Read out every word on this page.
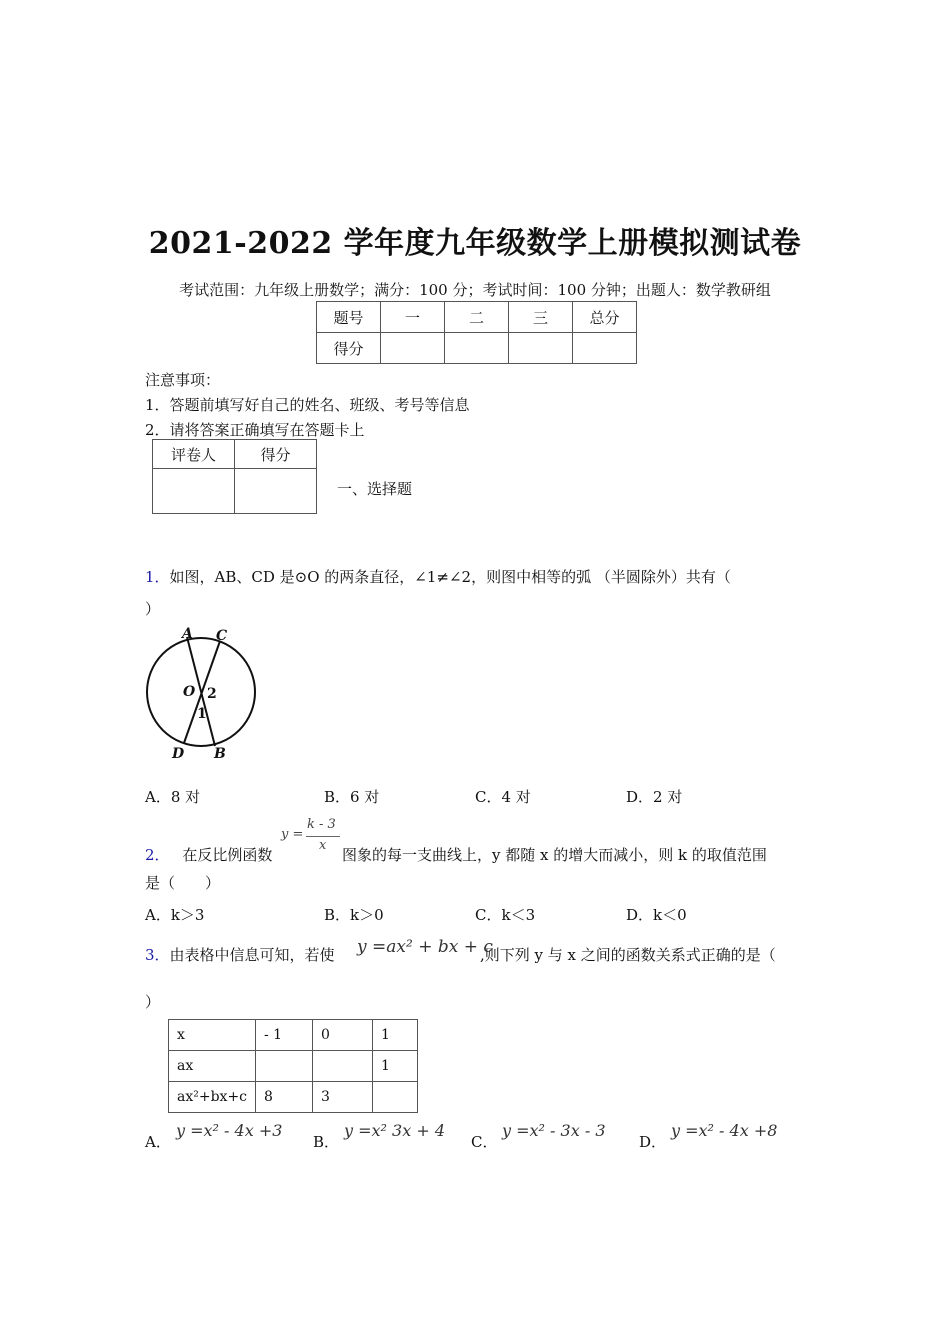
2021-2022 学年度九年级数学上册模拟测试卷
考试范围：九年级上册数学；满分：100 分；考试时间：100 分钟；出题人：数学教研组
题号	一	二	三	总分
得分				
注意事项：
1．答题前填写好自己的姓名、班级、考号等信息
2．请将答案正确填写在答题卡上
评卷人	得分

一、选择题
1．如图，AB、CD 是⊙O 的两条直径，∠1≠∠2，则图中相等的弧 （半圆除外）共有（
）
A C
O
D B
2
1
A．8 对	B．6 对	C．4 对	D．2 对
2． 在反比例函数
y =
k - 3
x
图象的每一支曲线上，y 都随 x 的增大而减小，则 k 的取值范围
是（　　）
A．k＞3	B．k＞0	C．k＜3	D．k＜0
3．由表格中信息可知，若使 y =ax² + bx + c
,则下列 y 与 x 之间的函数关系式正确的是（
）
x	- 1	0	1
ax			1
ax²+bx+c	8	3	
A．
y =x² - 4x +3
B．
y =x² 3x + 4
C．
y =x² - 3x - 3
D．
y =x² - 4x +8
